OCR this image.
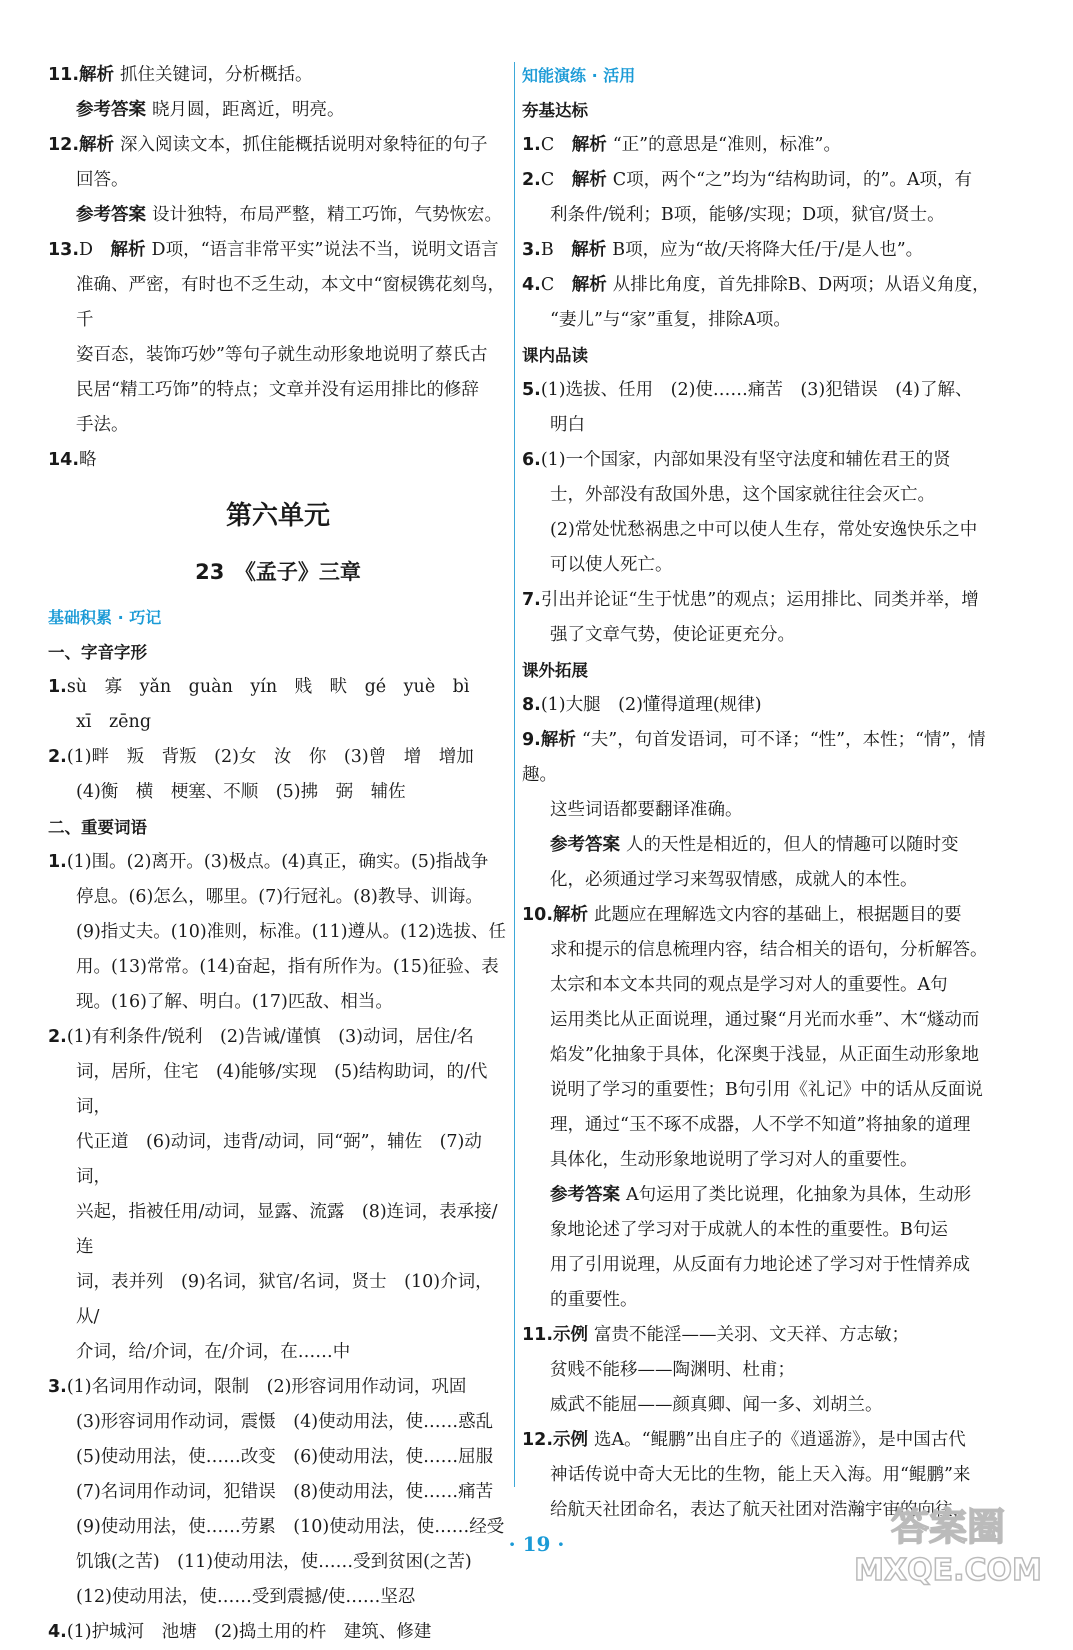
11.解析 抓住关键词，分析概括。

参考答案 晓月圆，距离近，明亮。

12.解析 深入阅读文本，抓住能概括说明对象特征的句子

回答。

参考答案 设计独特，布局严整，精工巧饰，气势恢宏。

13.D　 解析 D项，“语言非常平实”说法不当，说明文语言

准确、严密，有时也不乏生动，本文中“窗棂镌花刻鸟，千

姿百态，装饰巧妙”等句子就生动形象地说明了蔡氏古

民居“精工巧饰”的特点；文章并没有运用排比的修辞

手法。

14.略

第六单元
23　《孟子》三章

基础积累 · 巧记

一、字音字形

1.sù　寡　yǎn　guàn　yín　贱　畎　gé　yuè　bì

xī　zēng

2.(1)畔　叛　背叛　(2)女　汝　你　(3)曾　增　增加

(4)衡　横　梗塞、不顺　(5)拂　弼　辅佐

二、重要词语

1.(1)围。(2)离开。(3)极点。(4)真正，确实。(5)指战争

停息。(6)怎么，哪里。(7)行冠礼。(8)教导、训诲。

(9)指丈夫。(10)准则，标准。(11)遵从。(12)选拔、任

用。(13)常常。(14)奋起，指有所作为。(15)征验、表

现。(16)了解、明白。(17)匹敌、相当。

2.(1)有利条件/锐利　(2)告诫/谨慎　(3)动词，居住/名

词，居所，住宅　(4)能够/实现　(5)结构助词，的/代词，

代正道　(6)动词，违背/动词，同“弼”，辅佐　(7)动词，

兴起，指被任用/动词，显露、流露　(8)连词，表承接/连

词，表并列　(9)名词，狱官/名词，贤士　(10)介词，从/

介词，给/介词，在/介词，在……中

3.(1)名词用作动词，限制　(2)形容词用作动词，巩固

(3)形容词用作动词，震慑　(4)使动用法，使……惑乱

(5)使动用法，使……改变　(6)使动用法，使……屈服

(7)名词用作动词，犯错误　(8)使动用法，使……痛苦

(9)使动用法，使……劳累　(10)使动用法，使……经受

饥饿(之苦)　(11)使动用法，使……受到贫困(之苦)

(12)使动用法，使……受到震撼/使……坚忍

4.(1)护城河　池塘　(2)捣土用的杵　建筑、修建

知能演练 · 活用

夯基达标

1.C　 解析 “正”的意思是“准则，标准”。

2.C　 解析 C项，两个“之”均为“结构助词，的”。A项，有

利条件/锐利；B项，能够/实现；D项，狱官/贤士。

3.B　 解析 B项，应为“故/天将降大任/于/是人也”。

4.C　 解析 从排比角度，首先排除B、D两项；从语义角度，

“妻儿”与“家”重复，排除A项。

课内品读

5.(1)选拔、任用　(2)使……痛苦　(3)犯错误　(4)了解、

明白

6.(1)一个国家，内部如果没有坚守法度和辅佐君王的贤

士，外部没有敌国外患，这个国家就往往会灭亡。

(2)常处忧愁祸患之中可以使人生存，常处安逸快乐之中

可以使人死亡。

7.引出并论证“生于忧患”的观点；运用排比、同类并举，增

强了文章气势，使论证更充分。

课外拓展

8.(1)大腿　(2)懂得道理(规律)

9.解析 “夫”，句首发语词，可不译；“性”，本性；“情”，情趣。

这些词语都要翻译准确。

参考答案 人的天性是相近的，但人的情趣可以随时变

化，必须通过学习来驾驭情感，成就人的本性。

10.解析 此题应在理解选文内容的基础上，根据题目的要

求和提示的信息梳理内容，结合相关的语句，分析解答。

太宗和本文本共同的观点是学习对人的重要性。A句

运用类比从正面说理，通过聚“月光而水垂”、木“燧动而

焰发”化抽象于具体，化深奥于浅显，从正面生动形象地

说明了学习的重要性；B句引用《礼记》中的话从反面说

理，通过“玉不琢不成器，人不学不知道”将抽象的道理

具体化，生动形象地说明了学习对人的重要性。

参考答案 A句运用了类比说理，化抽象为具体，生动形

象地论述了学习对于成就人的本性的重要性。B句运

用了引用说理，从反面有力地论述了学习对于性情养成

的重要性。

11.示例 富贵不能淫——关羽、文天祥、方志敏；

贫贱不能移——陶渊明、杜甫；

威武不能屈——颜真卿、闻一多、刘胡兰。

12.示例 选A。“鲲鹏”出自庄子的《逍遥游》，是中国古代

神话传说中奇大无比的生物，能上天入海。用“鲲鹏”来

给航天社团命名，表达了航天社团对浩瀚宇宙的向往，

· 19 ·	答案圈
MXQE.COM
